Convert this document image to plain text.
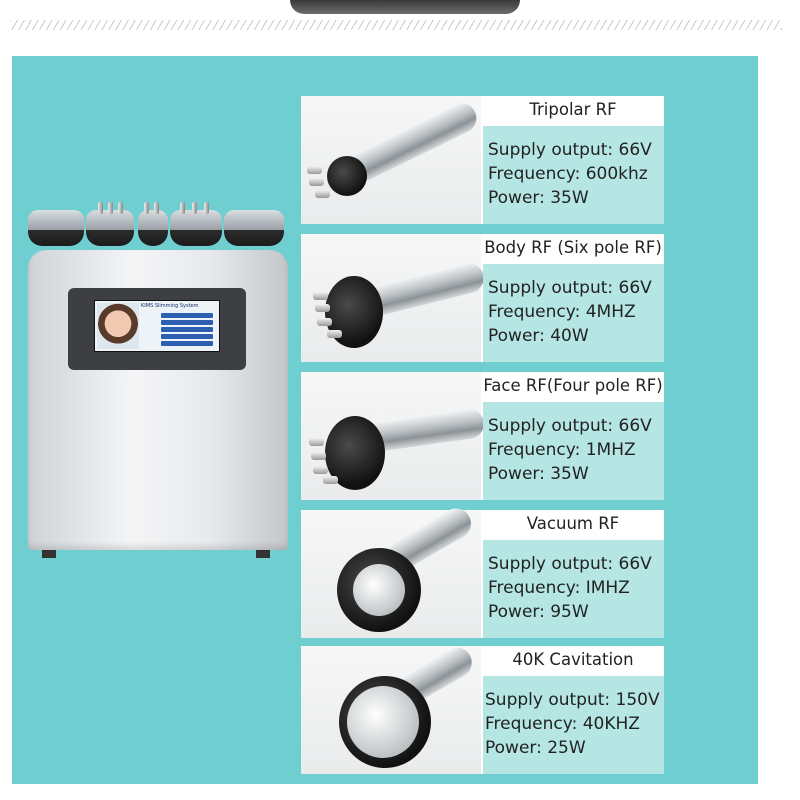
KIMS Slimming System
Tripolar RF
Supply output: 66V
Frequency: 600khz
Power: 35W
Body RF (Six pole RF)
Supply output: 66V
Frequency: 4MHZ
Power: 40W
Face RF(Four pole RF)
Supply output: 66V
Frequency: 1MHZ
Power: 35W
Vacuum RF
Supply output: 66V
Frequency: IMHZ
Power: 95W
40K Cavitation
Supply output: 150V
Frequency: 40KHZ
Power: 25W
